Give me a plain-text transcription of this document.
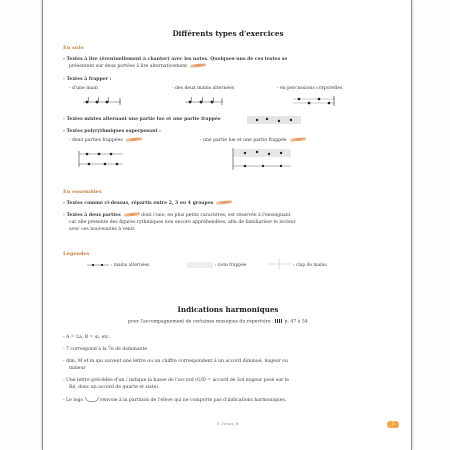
Différents types d'exercices
En solo
- Textes à lire (éventuellement à chanter) avec les notes. Quelques-uns de ces textes se
présentent sur deux portées à lire alternativement
- Textes à frapper :
- d'une main	- des deux mains alternées	- en percussions corporelles
- Textes mixtes alternant une partie lue et une partie frappée
- Textes polyrythmiques superposant :
- deux parties frappées	- une partie lue et une partie frappée
En ensembles
- Textes comme ci-dessus, répartis entre 2, 3 ou 4 groupes
- Textes à deux parties	dont l'une, en plus petits caractères, est réservée à l'enseignant
car elle présente des figures rythmiques non encore appréhendées, afin de familiariser le lecteur
avec ces nouveautés à venir.
Légendes
: mains alternées	: note frappée	: clap de mains
Indications harmoniques
pour l'accompagnement de certaines musiques du répertoire : p. 47 à 54
- A = La, B = si, etc.
- 7 correspond à la 7e de dominante
- dim, M et m qui suivent une lettre ou un chiffre correspondent à un accord diminué, majeur ou
mineur
- Une lettre précédée d'un / indique la basse de l'accord (G/D = accord de Sol majeur posé sur le
Ré, donc un accord de quarte et sixte).
- Le logo	renvoie à la partition de l'élève qui ne comporte pas d'indications harmoniques.
© Henry B.	3
